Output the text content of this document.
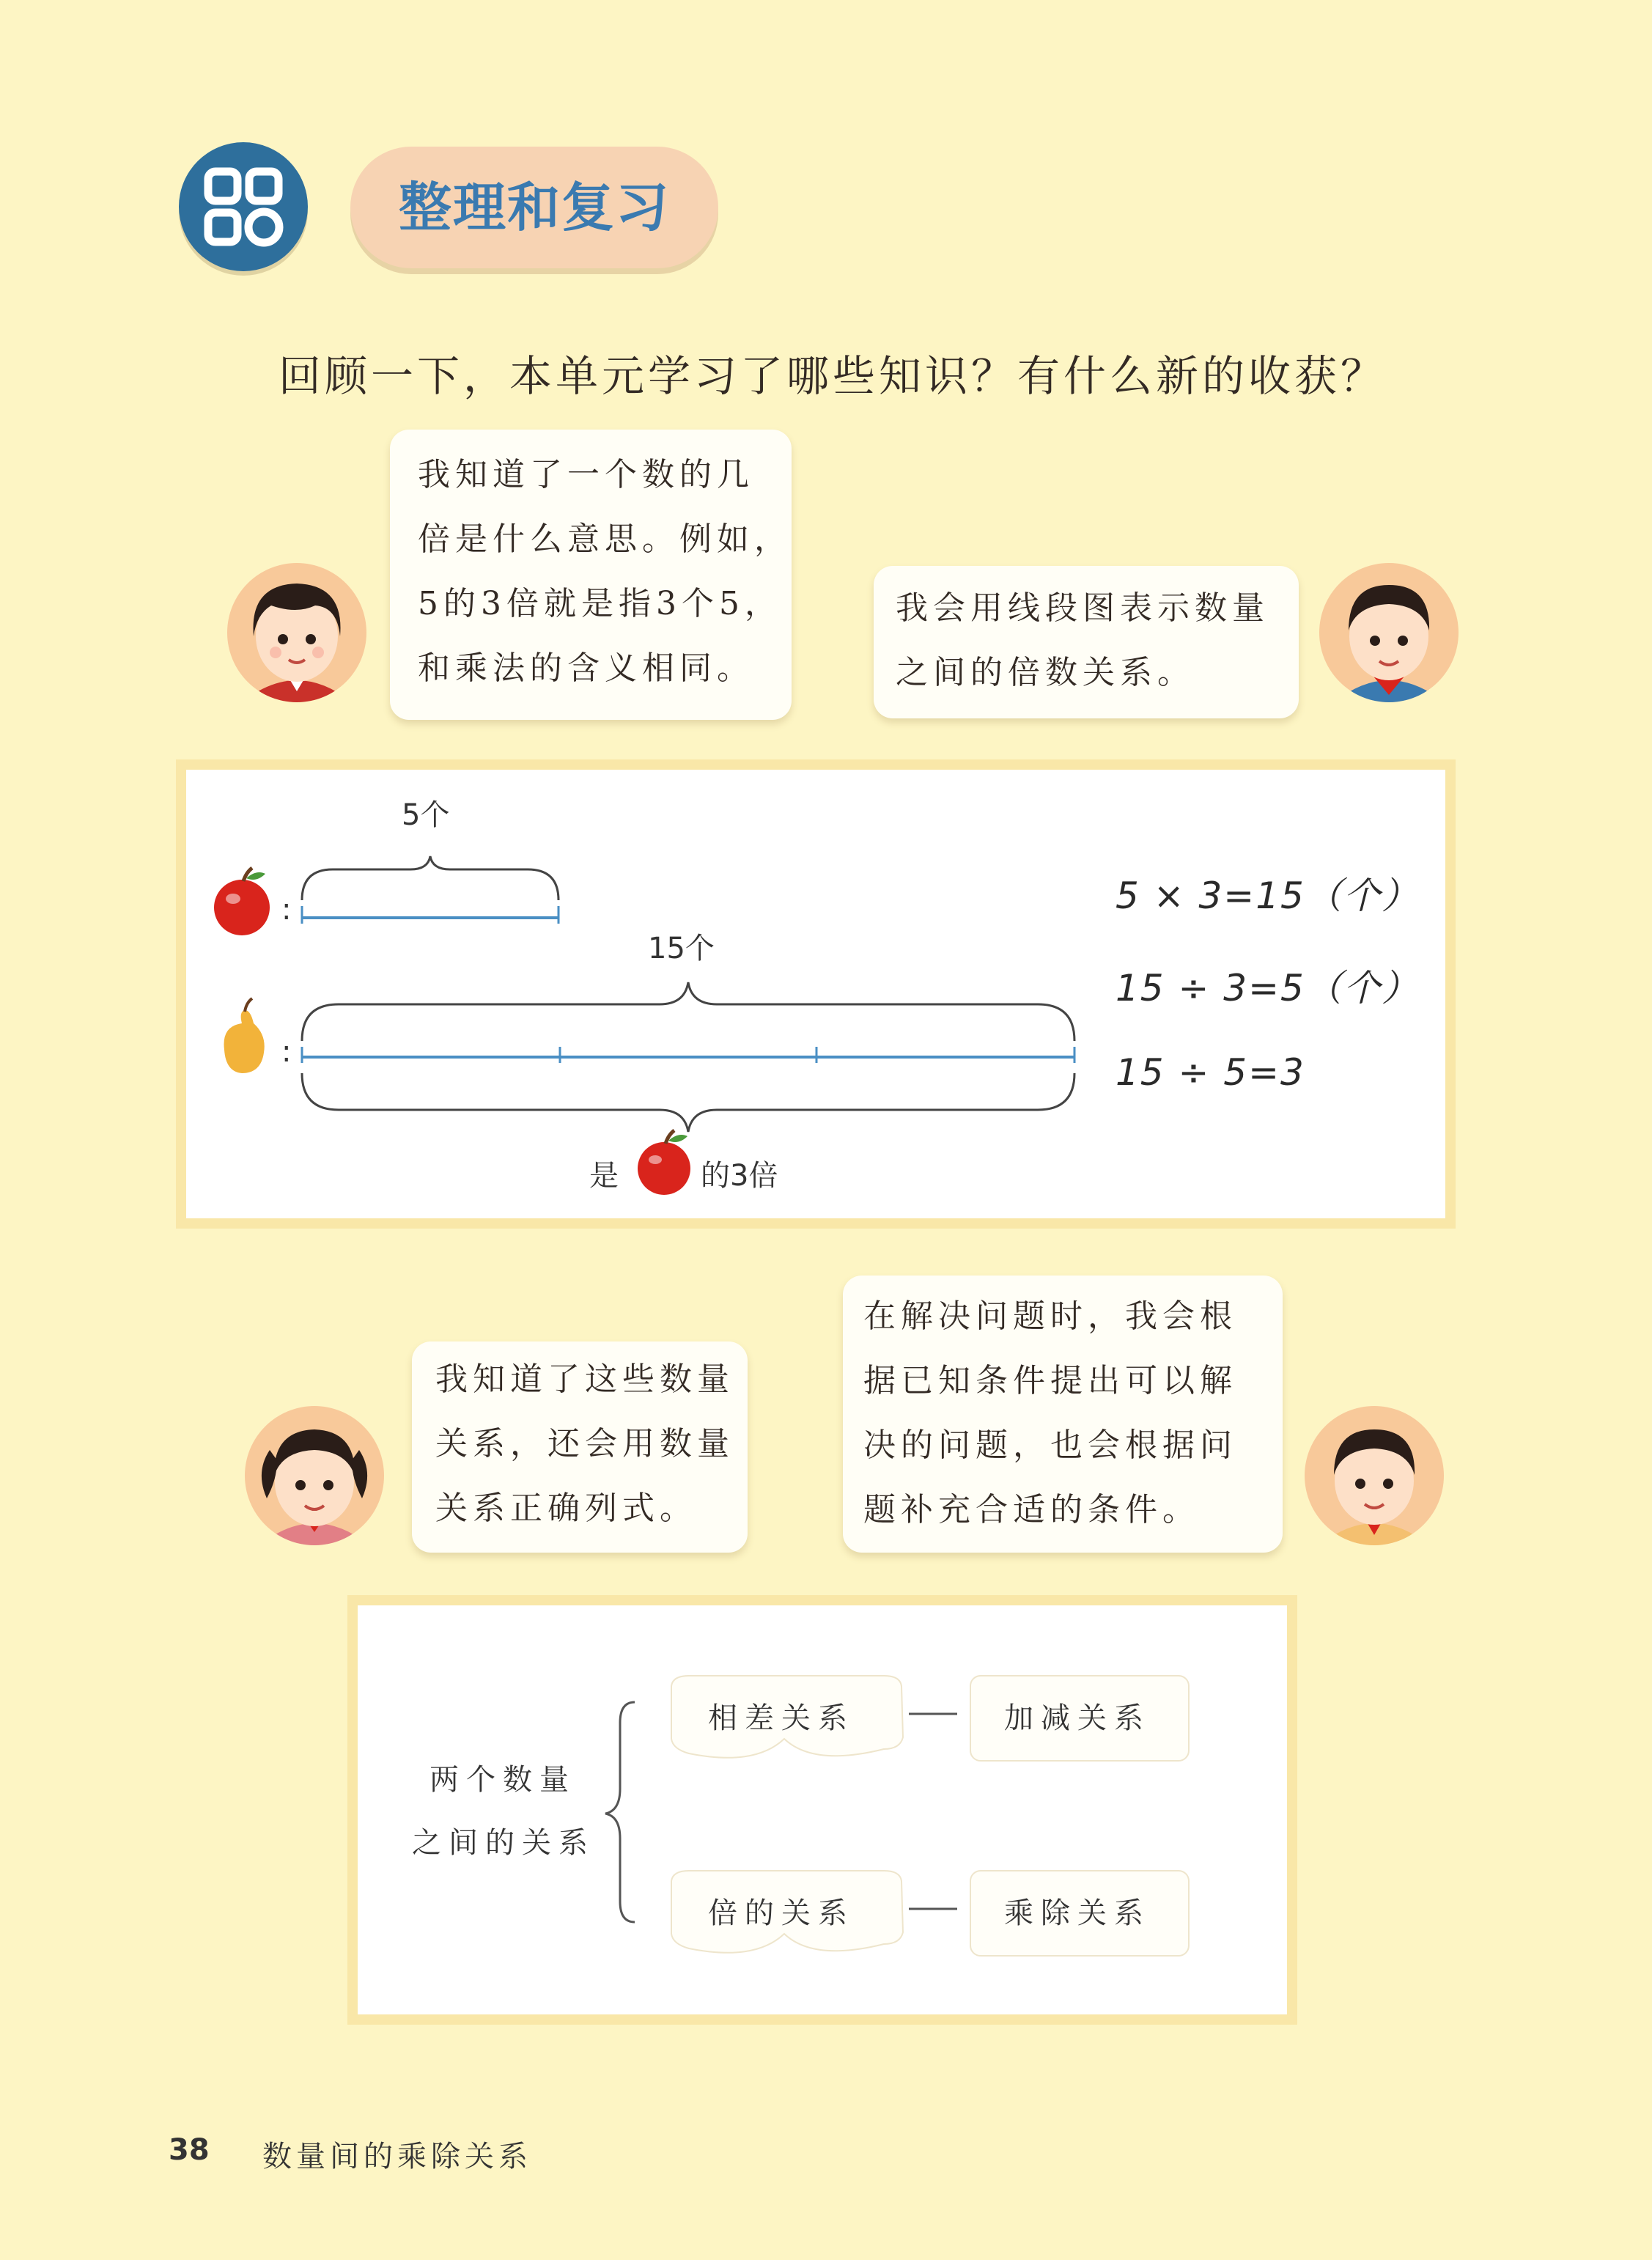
整理和复习
回顾一下，本单元学习了哪些知识？有什么新的收获？
我知道了一个数的几
倍是什么意思。例如，
5的3倍就是指3个5，
和乘法的含义相同。
我会用线段图表示数量
之间的倍数关系。
5个
:
15个
:
是	的3倍
5 × 3=15（个）
15 ÷ 3=5（个）
15 ÷ 5=3
我知道了这些数量
关系，还会用数量
关系正确列式。
在解决问题时，我会根
据已知条件提出可以解
决的问题，也会根据问
题补充合适的条件。
两个数量
之间的关系
相差关系	加减关系
倍的关系	乘除关系
38 数量间的乘除关系
